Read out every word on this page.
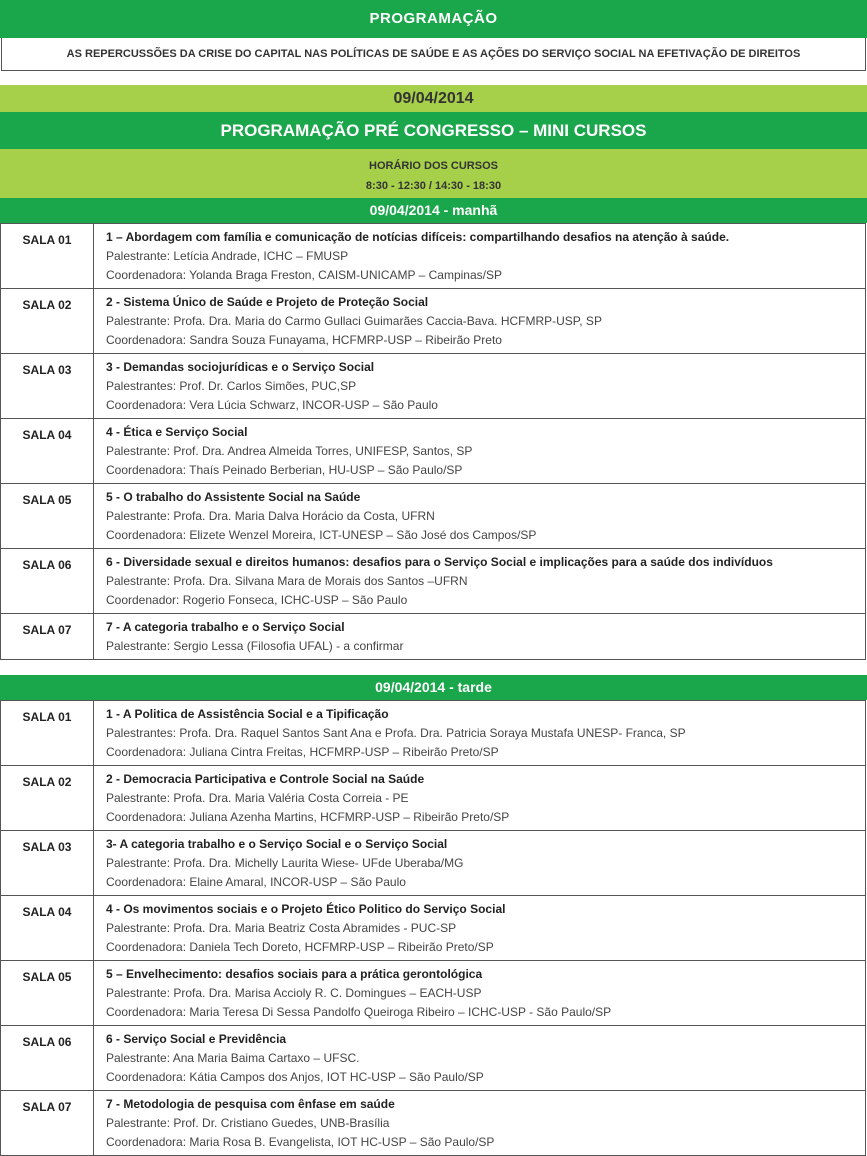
PROGRAMAÇÃO
AS REPERCUSSÕES DA CRISE DO CAPITAL NAS POLÍTICAS DE SAÚDE E AS AÇÕES DO SERVIÇO SOCIAL NA EFETIVAÇÃO DE DIREITOS
09/04/2014
PROGRAMAÇÃO PRÉ CONGRESSO – MINI CURSOS
HORÁRIO DOS CURSOS
8:30 - 12:30 / 14:30 - 18:30
09/04/2014 - manhã
SALA 01	1 – Abordagem com família e comunicação de notícias difíceis: compartilhando desafios na atenção à saúde.
Palestrante: Letícia Andrade, ICHC – FMUSP
Coordenadora: Yolanda Braga Freston, CAISM-UNICAMP – Campinas/SP

SALA 02	2 - Sistema Único de Saúde e Projeto de Proteção Social
Palestrante: Profa. Dra. Maria do Carmo Gullaci Guimarães Caccia-Bava. HCFMRP-USP, SP
Coordenadora: Sandra Souza Funayama, HCFMRP-USP – Ribeirão Preto

SALA 03	3 - Demandas sociojurídicas e o Serviço Social
Palestrantes: Prof. Dr. Carlos Simões, PUC,SP
Coordenadora: Vera Lúcia Schwarz, INCOR-USP – São Paulo

SALA 04	4 - Ética e Serviço Social
Palestrante: Prof. Dra. Andrea Almeida Torres, UNIFESP, Santos, SP
Coordenadora: Thaís Peinado Berberian, HU-USP – São Paulo/SP

SALA 05	5 - O trabalho do Assistente Social na Saúde
Palestrante: Profa. Dra. Maria Dalva Horácio da Costa, UFRN
Coordenadora: Elizete Wenzel Moreira, ICT-UNESP – São José dos Campos/SP

SALA 06	6 - Diversidade sexual e direitos humanos: desafios para o Serviço Social e implicações para a saúde dos indivíduos
Palestrante: Profa. Dra. Silvana Mara de Morais dos Santos –UFRN
Coordenador: Rogerio Fonseca, ICHC-USP – São Paulo

SALA 07	7 - A categoria trabalho e o Serviço Social
Palestrante: Sergio Lessa (Filosofia UFAL) - a confirmar
09/04/2014 - tarde
SALA 01	1 - A Politica de Assistência Social e a Tipificação
Palestrantes: Profa. Dra. Raquel Santos Sant Ana e Profa. Dra. Patricia Soraya Mustafa UNESP- Franca, SP
Coordenadora: Juliana Cintra Freitas, HCFMRP-USP – Ribeirão Preto/SP

SALA 02	2 - Democracia Participativa e Controle Social na Saúde
Palestrante: Profa. Dra. Maria Valéria Costa Correia - PE
Coordenadora: Juliana Azenha Martins, HCFMRP-USP – Ribeirão Preto/SP

SALA 03	3- A categoria trabalho e o Serviço Social e o Serviço Social
Palestrante: Profa. Dra. Michelly Laurita Wiese- UFde Uberaba/MG
Coordenadora: Elaine Amaral, INCOR-USP – São Paulo

SALA 04	4 - Os movimentos sociais e o Projeto Ético Politico do Serviço Social
Palestrante: Profa. Dra. Maria Beatriz Costa Abramides - PUC-SP
Coordenadora: Daniela Tech Doreto, HCFMRP-USP – Ribeirão Preto/SP

SALA 05	5 – Envelhecimento: desafios sociais para a prática gerontológica
Palestrante: Profa. Dra. Marisa Accioly R. C. Domingues – EACH-USP
Coordenadora: Maria Teresa Di Sessa Pandolfo Queiroga Ribeiro – ICHC-USP - São Paulo/SP

SALA 06	6 - Serviço Social e Previdência
Palestrante: Ana Maria Baima Cartaxo – UFSC.
Coordenadora: Kátia Campos dos Anjos, IOT HC-USP – São Paulo/SP

SALA 07	7 - Metodologia de pesquisa com ênfase em saúde
Palestrante: Prof. Dr. Cristiano Guedes, UNB-Brasília
Coordenadora: Maria Rosa B. Evangelista, IOT HC-USP – São Paulo/SP
